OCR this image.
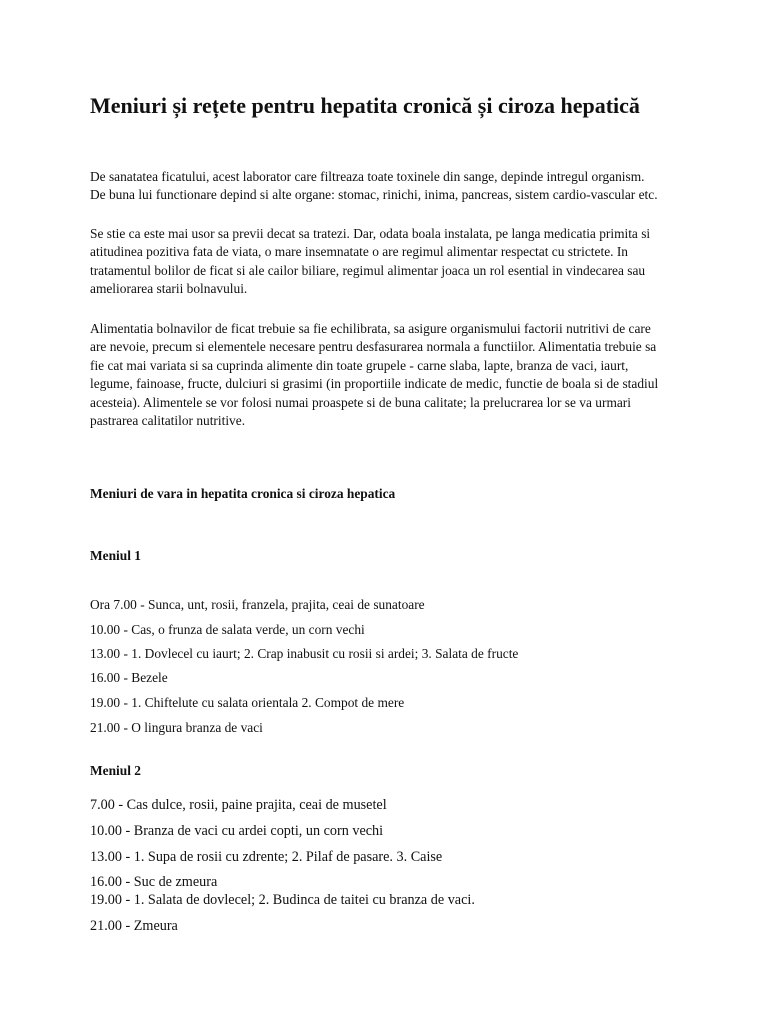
Meniuri și rețete pentru hepatita cronică și ciroza hepatică

De sanatatea ficatului, acest laborator care filtreaza toate toxinele din sange, depinde intregul organism.
De buna lui functionare depind si alte organe: stomac, rinichi, inima, pancreas, sistem cardio-vascular etc.

Se stie ca este mai usor sa previi decat sa tratezi. Dar, odata boala instalata, pe langa medicatia primita si
atitudinea pozitiva fata de viata, o mare insemnatate o are regimul alimentar respectat cu strictete. In
tratamentul bolilor de ficat si ale cailor biliare, regimul alimentar joaca un rol esential in vindecarea sau
ameliorarea starii bolnavului.

Alimentatia bolnavilor de ficat trebuie sa fie echilibrata, sa asigure organismului factorii nutritivi de care
are nevoie, precum si elementele necesare pentru desfasurarea normala a functiilor. Alimentatia trebuie sa
fie cat mai variata si sa cuprinda alimente din toate grupele - carne slaba, lapte, branza de vaci, iaurt,
legume, fainoase, fructe, dulciuri si grasimi (in proportiile indicate de medic, functie de boala si de stadiul
acesteia). Alimentele se vor folosi numai proaspete si de buna calitate; la prelucrarea lor se va urmari
pastrarea calitatilor nutritive.

Meniuri de vara in hepatita cronica si ciroza hepatica
Meniul 1

Ora 7.00 - Sunca, unt, rosii, franzela, prajita, ceai de sunatoare

10.00 - Cas, o frunza de salata verde, un corn vechi

13.00 - 1. Dovlecel cu iaurt; 2. Crap inabusit cu rosii si ardei; 3. Salata de fructe

16.00 - Bezele

19.00 - 1. Chiftelute cu salata orientala 2. Compot de mere

21.00 - O lingura branza de vaci

Meniul 2

7.00 - Cas dulce, rosii, paine prajita, ceai de musetel

10.00 - Branza de vaci cu ardei copti, un corn vechi

13.00 - 1. Supa de rosii cu zdrente; 2. Pilaf de pasare. 3. Caise

16.00 - Suc de zmeura

19.00 - 1. Salata de dovlecel; 2. Budinca de taitei cu branza de vaci.

21.00 - Zmeura
